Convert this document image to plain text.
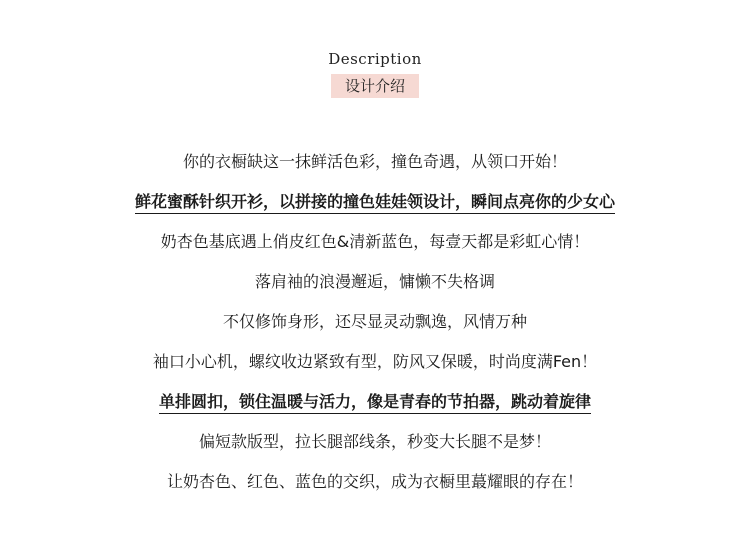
Description
设计介绍
你的衣橱缺这一抹鲜活色彩，撞色奇遇，从领口开始！
鲜花蜜酥针织开衫，以拼接的撞色娃娃领设计，瞬间点亮你的少女心
奶杏色基底遇上俏皮红色&清新蓝色，每壹天都是彩虹心情！
落肩袖的浪漫邂逅，慵懒不失格调
不仅修饰身形，还尽显灵动飘逸，风情万种
袖口小心机，螺纹收边紧致有型，防风又保暖，时尚度满Fen！
单排圆扣，锁住温暖与活力，像是青春的节拍器，跳动着旋律
偏短款版型，拉长腿部线条，秒变大长腿不是梦！
让奶杏色、红色、蓝色的交织，成为衣橱里蕞耀眼的存在！
